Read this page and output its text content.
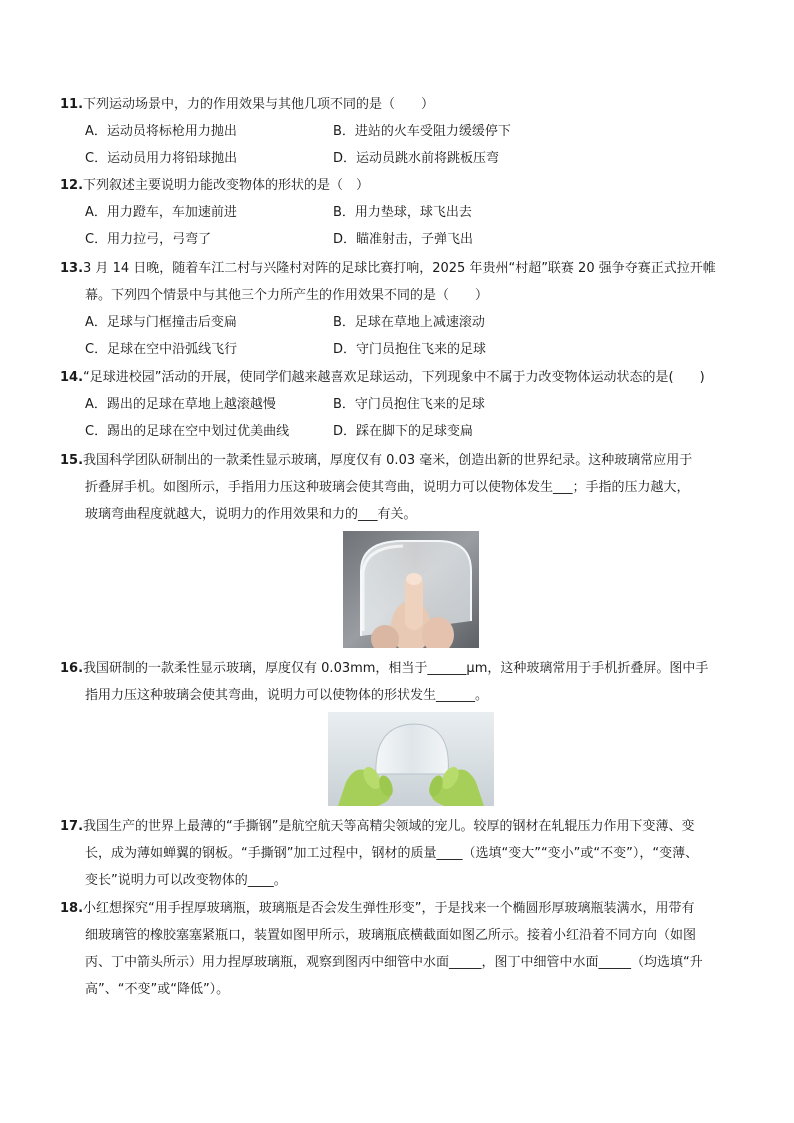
11.下列运动场景中，力的作用效果与其他几项不同的是（　　）
A．运动员将标枪用力抛出	B．进站的火车受阻力缓缓停下
C．运动员用力将铅球抛出	D．运动员跳水前将跳板压弯
12.下列叙述主要说明力能改变物体的形状的是（　）
A．用力蹬车，车加速前进	B．用力垫球，球飞出去
C．用力拉弓，弓弯了	D．瞄准射击，子弹飞出
13.3 月 14 日晚，随着车江二村与兴隆村对阵的足球比赛打响，2025 年贵州“村超”联赛 20 强争夺赛正式拉开帷
幕。下列四个情景中与其他三个力所产生的作用效果不同的是（　　）
A．足球与门框撞击后变扁	B．足球在草地上减速滚动
C．足球在空中沿弧线飞行	D．守门员抱住飞来的足球
14.“足球进校园”活动的开展，使同学们越来越喜欢足球运动，下列现象中不属于力改变物体运动状态的是(　　)
A．踢出的足球在草地上越滚越慢	B．守门员抱住飞来的足球
C．踢出的足球在空中划过优美曲线	D．踩在脚下的足球变扁
15.我国科学团队研制出的一款柔性显示玻璃，厚度仅有 0.03 毫米，创造出新的世界纪录。这种玻璃常应用于
折叠屏手机。如图所示，手指用力压这种玻璃会使其弯曲，说明力可以使物体发生___；手指的压力越大，
玻璃弯曲程度就越大，说明力的作用效果和力的___有关。
16.我国研制的一款柔性显示玻璃，厚度仅有 0.03mm，相当于______μm，这种玻璃常用于手机折叠屏。图中手
指用力压这种玻璃会使其弯曲，说明力可以使物体的形状发生______。
17.我国生产的世界上最薄的“手撕钢”是航空航天等高精尖领域的宠儿。较厚的钢材在轧辊压力作用下变薄、变
长，成为薄如蝉翼的钢板。“手撕钢”加工过程中，钢材的质量____（选填“变大”“变小”或“不变”），“变薄、
变长”说明力可以改变物体的____。
18.小红想探究“用手捏厚玻璃瓶，玻璃瓶是否会发生弹性形变”，于是找来一个椭圆形厚玻璃瓶装满水，用带有
细玻璃管的橡胶塞塞紧瓶口，装置如图甲所示，玻璃瓶底横截面如图乙所示。接着小红沿着不同方向（如图
丙、丁中箭头所示）用力捏厚玻璃瓶，观察到图丙中细管中水面_____，图丁中细管中水面_____（均选填“升
高”、“不变”或“降低”）。
